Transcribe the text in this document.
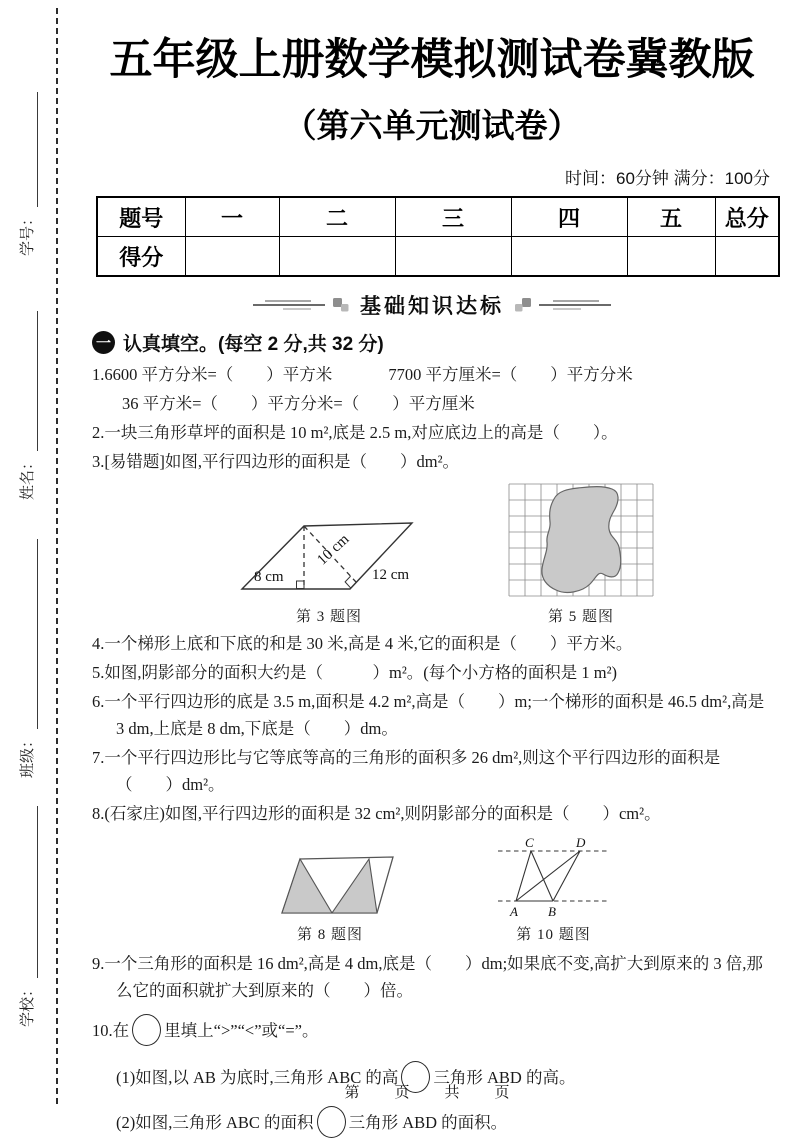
学号：
姓名：
班级：
学校：
五年级上册数学模拟测试卷冀教版
（第六单元测试卷）
时间：60分钟 满分：100分
题号	一	二	三	四	五	总分
得分						
基础知识达标
一 认真填空。(每空 2 分,共 32 分)
1.6600 平方分米=（　　）平方米	7700 平方厘米=（　　）平方分米
36 平方米=（　　）平方分米=（　　）平方厘米
2.一块三角形草坪的面积是 10 m²,底是 2.5 m,对应底边上的高是（　　）。
3.[易错题]如图,平行四边形的面积是（　　）dm²。
8 cm
10 cm
12 cm
第 3 题图	第 5 题图
4.一个梯形上底和下底的和是 30 米,高是 4 米,它的面积是（　　）平方米。
5.如图,阴影部分的面积大约是（　　　）m²。(每个小方格的面积是 1 m²)
6.一个平行四边形的底是 3.5 m,面积是 4.2 m²,高是（　　）m;一个梯形的面积是 46.5 dm²,高是 3 dm,上底是 8 dm,下底是（　　）dm。
7.一个平行四边形比与它等底等高的三角形的面积多 26 dm²,则这个平行四边形的面积是（　　）dm²。
8.(石家庄)如图,平行四边形的面积是 32 cm²,则阴影部分的面积是（　　）cm²。
第 8 题图
C	D
A B
第 10 题图
9.一个三角形的面积是 16 dm²,高是 4 dm,底是（　　）dm;如果底不变,高扩大到原来的 3 倍,那么它的面积就扩大到原来的（　　）倍。
10.在 里填上“>”“<”或“=”。
(1)如图,以 AB 为底时,三角形 ABC 的高 三角形 ABD 的高。
(2)如图,三角形 ABC 的面积 三角形 ABD 的面积。
第　页　共　页
